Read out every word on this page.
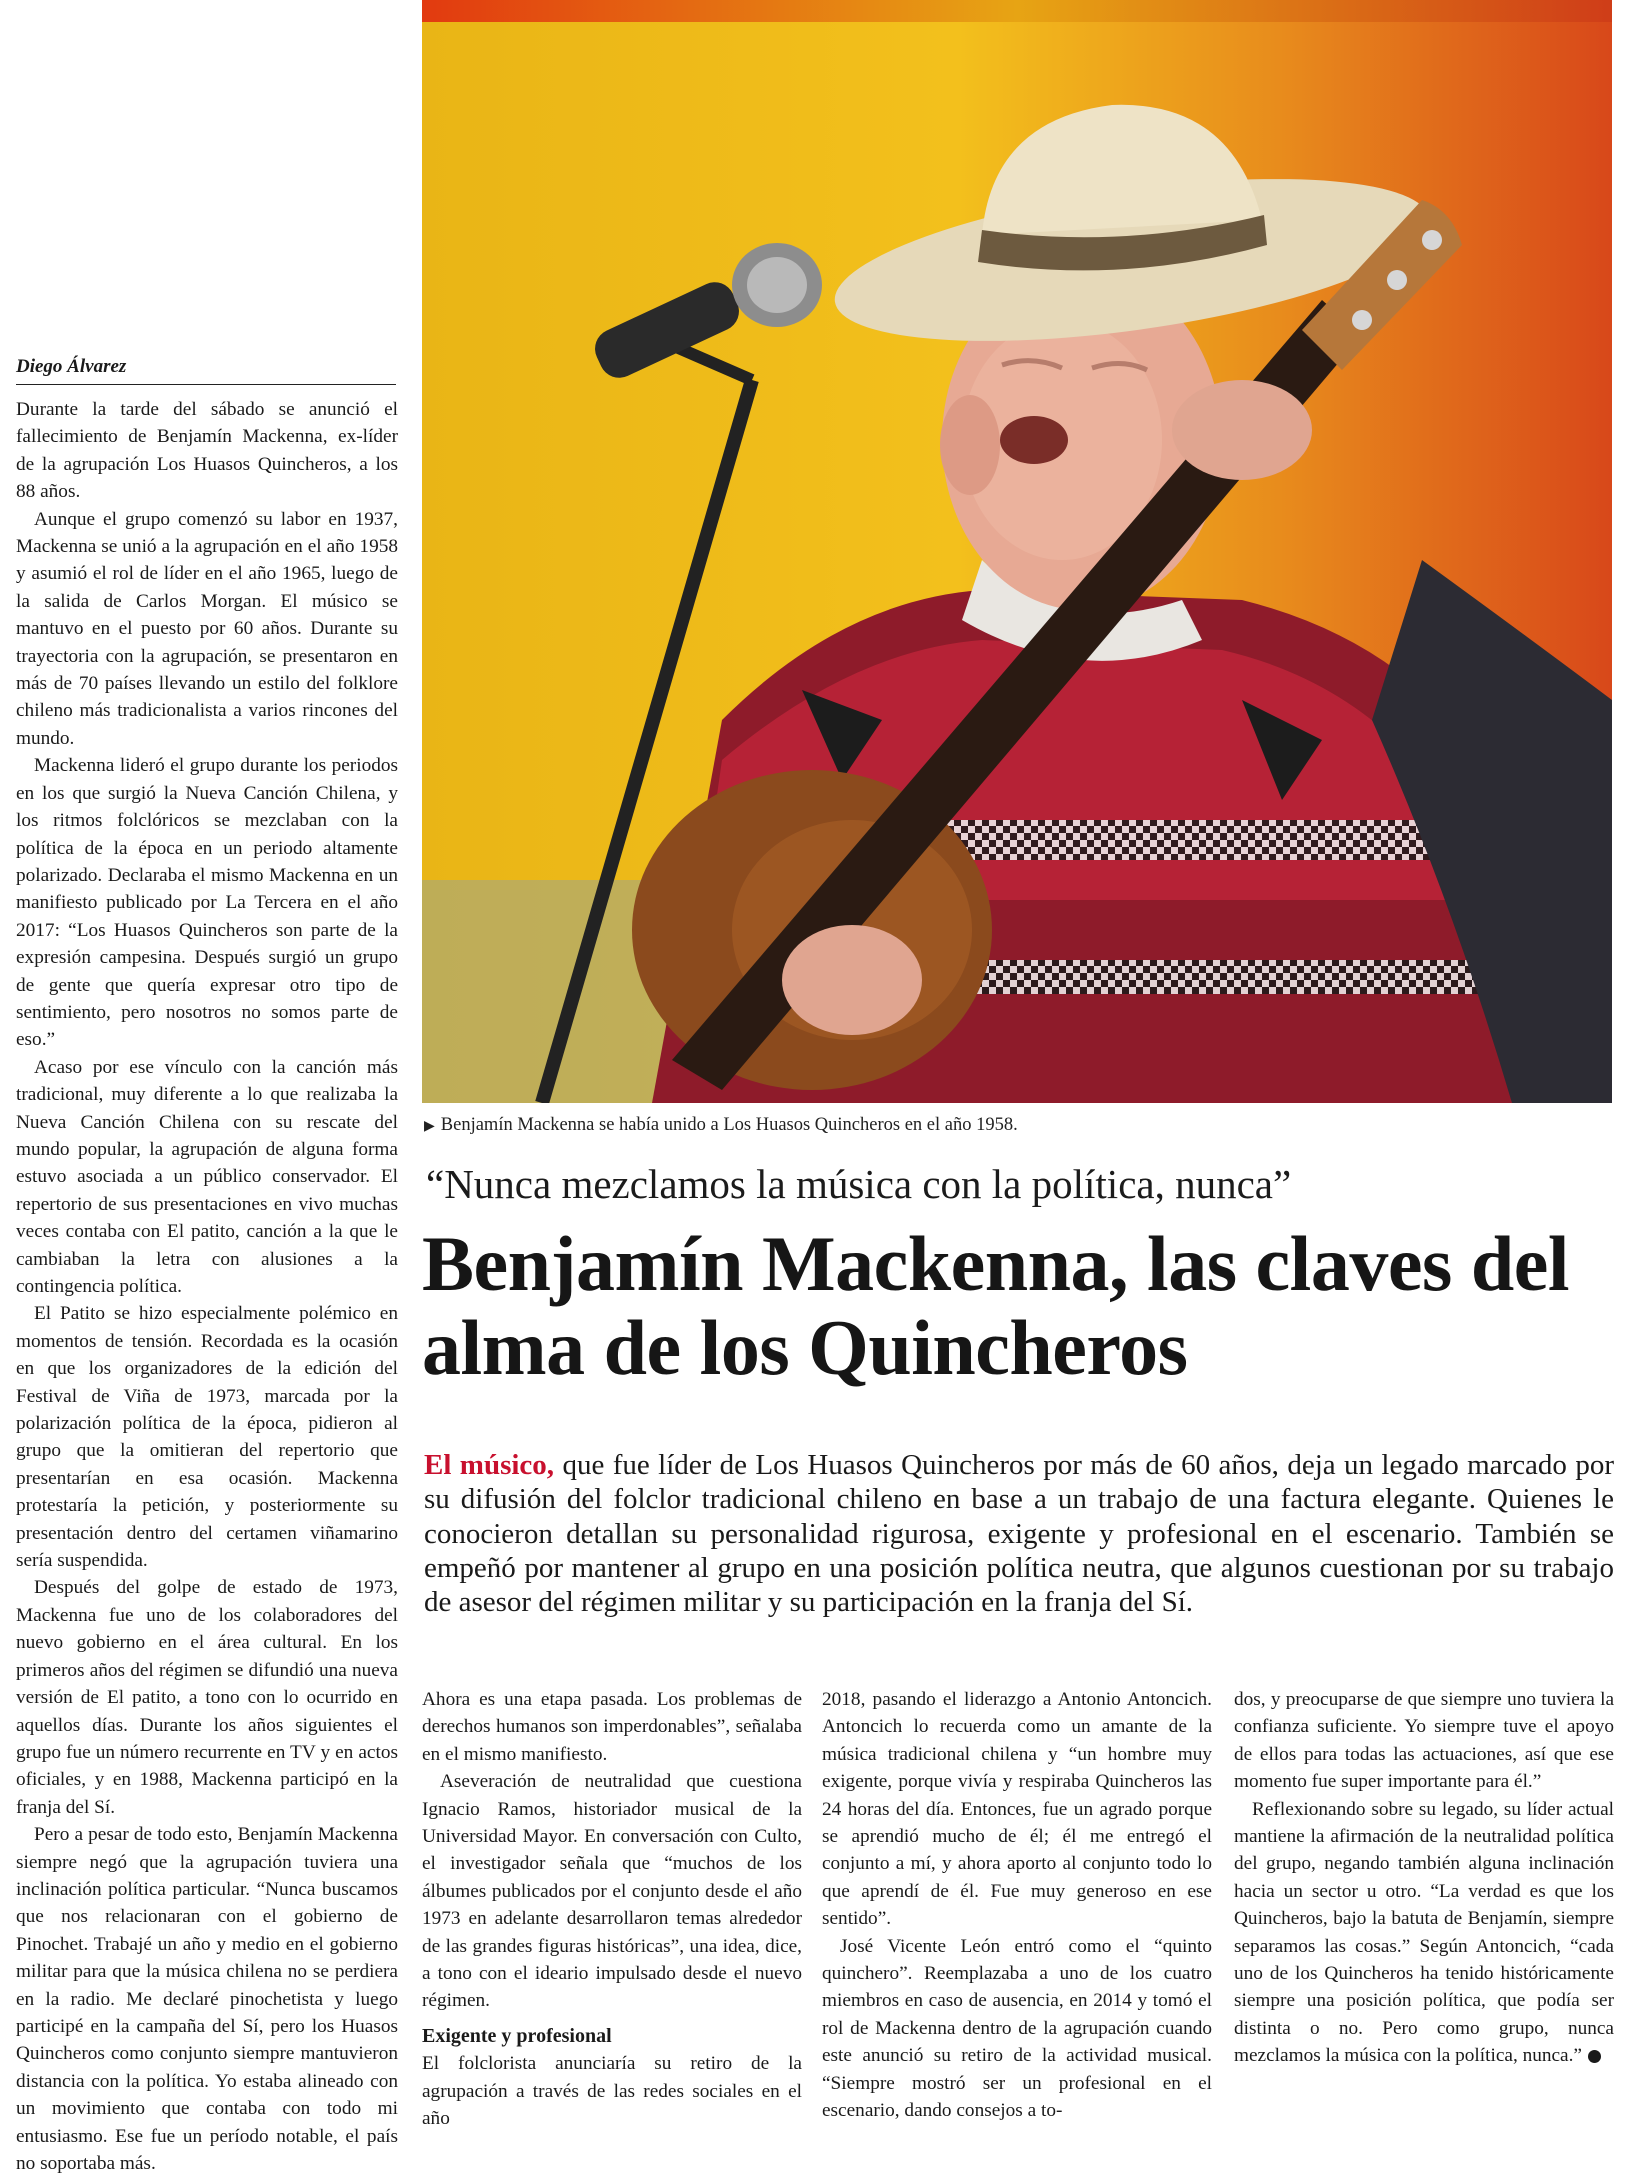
Diego Álvarez

Durante la tarde del sábado se anunció el fallecimiento de Benjamín Mackenna, ex-líder de la agrupación Los Huasos Quincheros, a los 88 años.

Aunque el grupo comenzó su labor en 1937, Mackenna se unió a la agrupación en el año 1958 y asumió el rol de líder en el año 1965, luego de la salida de Carlos Morgan. El músico se mantuvo en el puesto por 60 años. Durante su trayectoria con la agrupación, se presentaron en más de 70 países llevando un estilo del folklore chileno más tradicionalista a varios rincones del mundo.

Mackenna lideró el grupo durante los periodos en los que surgió la Nueva Canción Chilena, y los ritmos folclóricos se mezclaban con la política de la época en un periodo altamente polarizado. Declaraba el mismo Mackenna en un manifiesto publicado por La Tercera en el año 2017: “Los Huasos Quincheros son parte de la expresión campesina. Después surgió un grupo de gente que quería expresar otro tipo de sentimiento, pero nosotros no somos parte de eso.”

Acaso por ese vínculo con la canción más tradicional, muy diferente a lo que realizaba la Nueva Canción Chilena con su rescate del mundo popular, la agrupación de alguna forma estuvo asociada a un público conservador. El repertorio de sus presentaciones en vivo muchas veces contaba con El patito, canción a la que le cambiaban la letra con alusiones a la contingencia política.

El Patito se hizo especialmente polémico en momentos de tensión. Recordada es la ocasión en que los organizadores de la edición del Festival de Viña de 1973, marcada por la polarización política de la época, pidieron al grupo que la omitieran del repertorio que presentarían en esa ocasión. Mackenna protestaría la petición, y posteriormente su presentación dentro del certamen viñamarino sería suspendida.

Después del golpe de estado de 1973, Mackenna fue uno de los colaboradores del nuevo gobierno en el área cultural. En los primeros años del régimen se difundió una nueva versión de El patito, a tono con lo ocurrido en aquellos días. Durante los años siguientes el grupo fue un número recurrente en TV y en actos oficiales, y en 1988, Mackenna participó en la franja del Sí.

Pero a pesar de todo esto, Benjamín Mackenna siempre negó que la agrupación tuviera una inclinación política particular. “Nunca buscamos que nos relacionaran con el gobierno de Pinochet. Trabajé un año y medio en el gobierno militar para que la música chilena no se perdiera en la radio. Me declaré pinochetista y luego participé en la campaña del Sí, pero los Huasos Quincheros como conjunto siempre mantuvieron distancia con la política. Yo estaba alineado con un movimiento que contaba con todo mi entusiasmo. Ese fue un período notable, el país no soportaba más.

▶ Benjamín Mackenna se había unido a Los Huasos Quincheros en el año 1958.
“Nunca mezclamos la música con la política, nunca”
Benjamín Mackenna, las claves del alma de los Quincheros
El músico, que fue líder de Los Huasos Quincheros por más de 60 años, deja un legado marcado por su difusión del folclor tradicional chileno en base a un trabajo de una factura elegante. Quienes le conocieron detallan su personalidad rigurosa, exigente y profesional en el escenario. También se empeñó por mantener al grupo en una posición política neutra, que algunos cuestionan por su trabajo de asesor del régimen militar y su participación en la franja del Sí.

Ahora es una etapa pasada. Los problemas de derechos humanos son imperdonables”, señalaba en el mismo manifiesto.

Aseveración de neutralidad que cuestiona Ignacio Ramos, historiador musical de la Universidad Mayor. En conversación con Culto, el investigador señala que “muchos de los álbumes publicados por el conjunto desde el año 1973 en adelante desarrollaron temas alrededor de las grandes figuras históricas”, una idea, dice, a tono con el ideario impulsado desde el nuevo régimen.

Exigente y profesional

El folclorista anunciaría su retiro de la agrupación a través de las redes sociales en el año

2018, pasando el liderazgo a Antonio Antoncich. Antoncich lo recuerda como un amante de la música tradicional chilena y “un hombre muy exigente, porque vivía y respiraba Quincheros las 24 horas del día. Entonces, fue un agrado porque se aprendió mucho de él; él me entregó el conjunto a mí, y ahora aporto al conjunto todo lo que aprendí de él. Fue muy generoso en ese sentido”.

José Vicente León entró como el “quinto quinchero”. Reemplazaba a uno de los cuatro miembros en caso de ausencia, en 2014 y tomó el rol de Mackenna dentro de la agrupación cuando este anunció su retiro de la actividad musical. “Siempre mostró ser un profesional en el escenario, dando consejos a to-

dos, y preocuparse de que siempre uno tuviera la confianza suficiente. Yo siempre tuve el apoyo de ellos para todas las actuaciones, así que ese momento fue super importante para él.”

Reflexionando sobre su legado, su líder actual mantiene la afirmación de la neutralidad política del grupo, negando también alguna inclinación hacia un sector u otro. “La verdad es que los Quincheros, bajo la batuta de Benjamín, siempre separamos las cosas.” Según Antoncich, “cada uno de los Quincheros ha tenido históricamente siempre una posición política, que podía ser distinta o no. Pero como grupo, nunca mezclamos la música con la política, nunca.”
